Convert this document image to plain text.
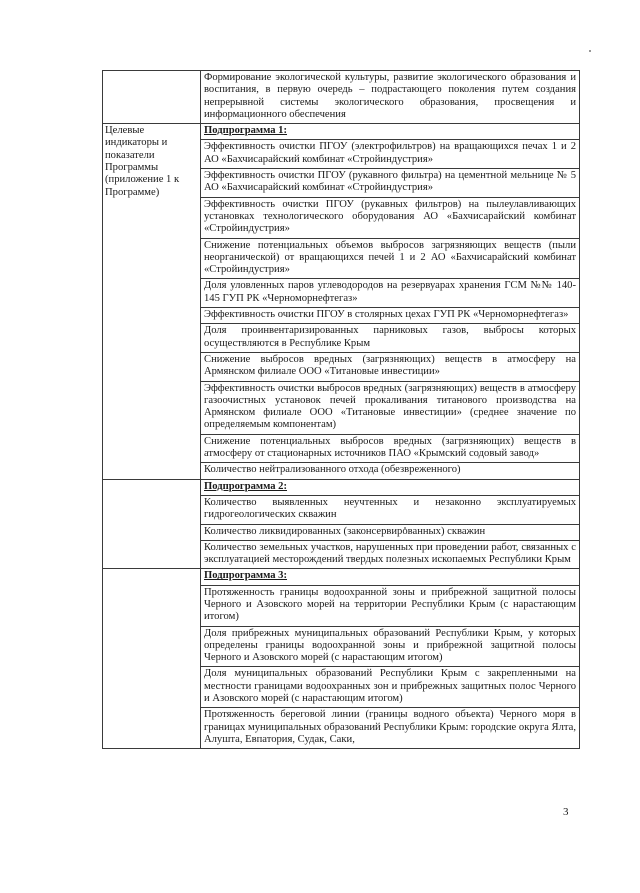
	Формирование экологической культуры, развитие экологического образования и воспитания, в первую очередь – подрастающего поколения путем создания непрерывной системы экологического образования, просвещения и информационного обеспечения
Целевые индикаторы и показатели Программы (приложение 1 к Программе)	Подпрограмма 1:
	Эффективность очистки ПГОУ (электрофильтров) на вращающихся печах 1 и 2 АО «Бахчисарайский комбинат «Стройиндустрия»
	Эффективность очистки ПГОУ (рукавного фильтра) на цементной мельнице № 5 АО «Бахчисарайский комбинат «Стройиндустрия»
	Эффективность очистки ПГОУ (рукавных фильтров) на пылеулавливающих установках технологического оборудования АО «Бахчисарайский комбинат «Стройиндустрия»
	Снижение потенциальных объемов выбросов загрязняющих веществ (пыли неорганической) от вращающихся печей 1 и 2 АО «Бахчисарайский комбинат «Стройиндустрия»
	Доля уловленных паров углеводородов на резервуарах хранения ГСМ №№ 140-145 ГУП РК «Черноморнефтегаз»
	Эффективность очистки ПГОУ в столярных цехах ГУП РК «Черноморнефтегаз»
	Доля проинвентаризированных парниковых газов, выбросы которых осуществляются в Республике Крым
	Снижение выбросов вредных (загрязняющих) веществ в атмосферу на Армянском филиале ООО «Титановые инвестиции»
	Эффективность очистки выбросов вредных (загрязняющих) веществ в атмосферу газоочистных установок печей прокаливания титанового производства на Армянском филиале ООО «Титановые инвестиции» (среднее значение по определяемым компонентам)
	Снижение потенциальных выбросов вредных (загрязняющих) веществ в атмосферу от стационарных источников ПАО «Крымский содовый завод»
	Количество нейтрализованного отхода (обезвреженного)
	Подпрограмма 2:
	Количество выявленных неучтенных и незаконно эксплуатируемых гидрогеологических скважин
	Количество ликвидированных (законсервированных) скважин
	Количество земельных участков, нарушенных при проведении работ, связанных с эксплуатацией месторождений твердых полезных ископаемых Республики Крым
	Подпрограмма 3:
	Протяженность границы водоохранной зоны и прибрежной защитной полосы Черного и Азовского морей на территории Республики Крым (с нарастающим итогом)
	Доля прибрежных муниципальных образований Республики Крым, у которых определены границы водоохранной зоны и прибрежной защитной полосы Черного и Азовского морей (с нарастающим итогом)
	Доля муниципальных образований Республики Крым с закрепленными на местности границами водоохранных зон и прибрежных защитных полос Черного и Азовского морей (с нарастающим итогом)
	Протяженность береговой линии (границы водного объекта) Черного моря в границах муниципальных образований Республики Крым: городские округа Ялта, Алушта, Евпатория, Судак, Саки,
3
